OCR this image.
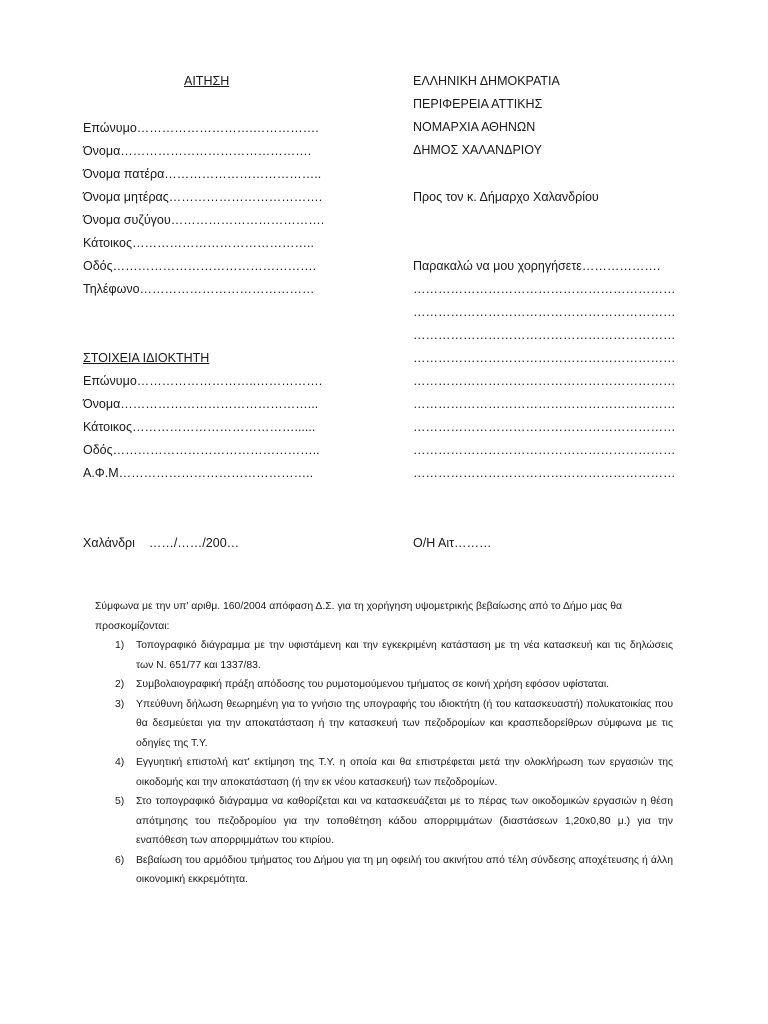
ΑΙΤΗΣΗ
Επώνυμο……………………….…………….
Όνομα……………………………………….
Όνομα πατέρα………………………………..
Όνομα μητέρας……………………………….
Όνομα συζύγου……………………………….
Κάτοικος……………………………………..
Οδός………………………………………….
Τηλέφωνο……………………………………
ΣΤΟΙΧΕΙΑ ΙΔΙΟΚΤΗΤΗ
Επώνυμο………………………..…………….
Όνομα………………………………………...
Κάτοικος…………………………………......
Οδός…………………………………………..
Α.Φ.Μ………………………………………..
Χαλάνδρι    ……/……/200…
ΕΛΛΗΝΙΚΗ ΔΗΜΟΚΡΑΤΙΑ
ΠΕΡΙΦΕΡΕΙΑ ΑΤΤΙΚΗΣ
ΝΟΜΑΡΧΙΑ ΑΘΗΝΩΝ
ΔΗΜΟΣ ΧΑΛΑΝΔΡΙΟΥ
Προς τον κ. Δήμαρχο Χαλανδρίου
Παρακαλώ να μου χορηγήσετε……………….
………………………………………………………
………………………………………………………
………………………………………………………
………………………………………………………
………………………………………………………
………………………………………………………
………………………………………………………
………………………………………………………
………………………………………………………
Ο/Η Αιτ………

Σύμφωνα με την υπ' αριθμ. 160/2004 απόφαση Δ.Σ. για τη χορήγηση υψομετρικής βεβαίωσης από το Δήμο μας θα προσκομίζονται:

1) Τοπογραφικό διάγραμμα με την υφιστάμενη και την εγκεκριμένη κατάσταση με τη νέα κατασκευή και τις δηλώσεις των Ν. 651/77 και 1337/83.
2) Συμβολαιογραφική πράξη απόδοσης του ρυμοτομούμενου τμήματος σε κοινή χρήση εφόσον υφίσταται.
3) Υπεύθυνη δήλωση θεωρημένη για το γνήσιο της υπογραφής του ιδιοκτήτη (ή του κατασκευαστή) πολυκατοικίας που θα δεσμεύεται για την αποκατάσταση ή την κατασκευή των πεζοδρομίων και κρασπεδορείθρων σύμφωνα με τις οδηγίες της Τ.Υ.
4) Εγγυητική επιστολή κατ' εκτίμηση της Τ.Υ. η οποία και θα επιστρέφεται μετά την ολοκλήρωση των εργασιών της οικοδομής και την αποκατάσταση (ή την εκ νέου κατασκευή) των πεζοδρομίων.
5) Στο τοπογραφικό διάγραμμα να καθορίζεται και να κατασκευάζεται με το πέρας των οικοδομικών εργασιών η θέση απότμησης του πεζοδρομίου για την τοποθέτηση κάδου απορριμμάτων (διαστάσεων 1,20x0,80 μ.) για την εναπόθεση των απορριμμάτων του κτιρίου.
6) Βεβαίωση του αρμόδιου τμήματος του Δήμου για τη μη οφειλή του ακινήτου από τέλη σύνδεσης αποχέτευσης ή άλλη οικονομική εκκρεμότητα.
